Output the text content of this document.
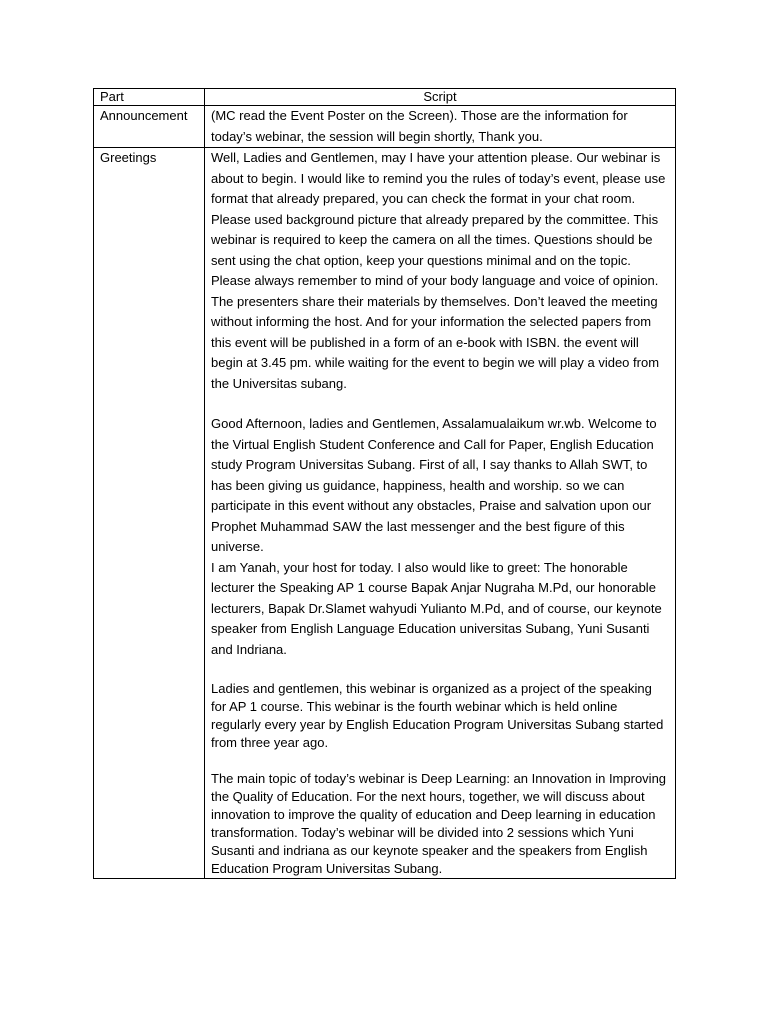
Part	Script
Announcement	(MC read the Event Poster on the Screen). Those are the information for today’s webinar, the session will begin shortly, Thank you.

Greetings	Well, Ladies and Gentlemen, may I have your attention please. Our webinar is about to begin. I would like to remind you the rules of today’s event, please use format that already prepared, you can check the format in your chat room. Please used background picture that already prepared by the committee. This webinar is required to keep the camera on all the times. Questions should be sent using the chat option, keep your questions minimal and on the topic. Please always remember to mind of your body language and voice of opinion. The presenters share their materials by themselves. Don’t leaved the meeting without informing the host. And for your information the selected papers from this event will be published in a form of an e-book with ISBN. the event will begin at 3.45 pm. while waiting for the event to begin we will play a video from the Universitas subang.

Good Afternoon, ladies and Gentlemen, Assalamualaikum wr.wb. Welcome to the Virtual English Student Conference and Call for Paper, English Education study Program Universitas Subang. First of all, I say thanks to Allah SWT, to has been giving us guidance, happiness, health and worship. so we can participate in this event without any obstacles, Praise and salvation upon our Prophet Muhammad SAW the last messenger and the best figure of this universe.

I am Yanah, your host for today. I also would like to greet: The honorable lecturer the Speaking AP 1 course Bapak Anjar Nugraha M.Pd, our honorable lecturers, Bapak Dr.Slamet wahyudi Yulianto M.Pd, and of course, our keynote speaker from English Language Education universitas Subang, Yuni Susanti and Indriana.

Ladies and gentlemen, this webinar is organized as a project of the speaking for AP 1 course. This webinar is the fourth webinar which is held online regularly every year by English Education Program Universitas Subang started from three year ago.

The main topic of today’s webinar is Deep Learning: an Innovation in Improving the Quality of Education. For the next hours, together, we will discuss about innovation to improve the quality of education and Deep learning in education transformation. Today’s webinar will be divided into 2 sessions which Yuni Susanti and indriana as our keynote speaker and the speakers from English Education Program Universitas Subang.
